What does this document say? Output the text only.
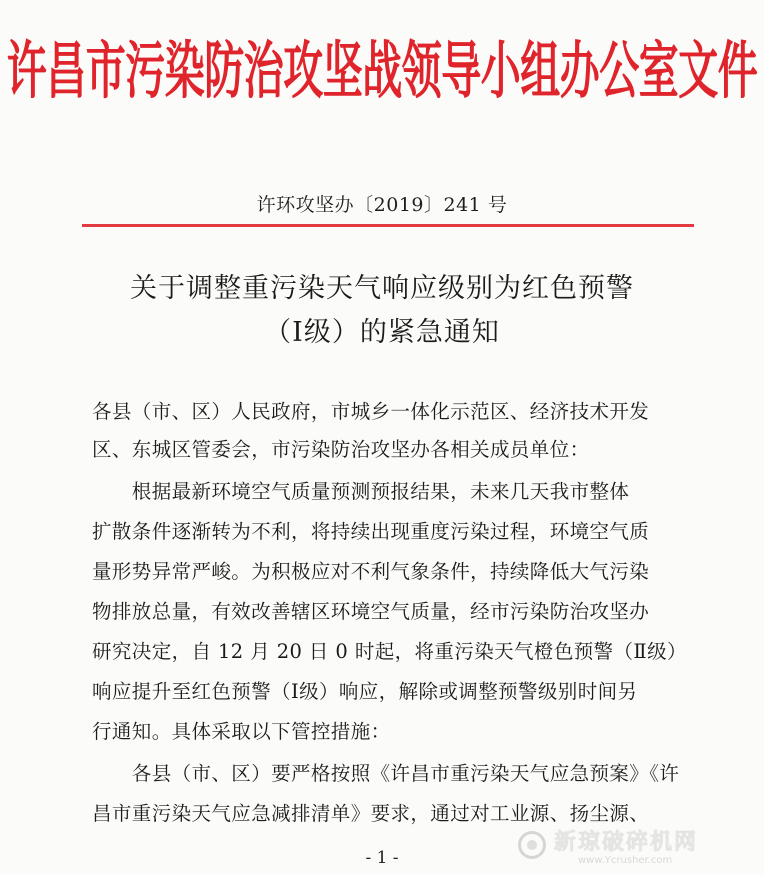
许昌市污染防治攻坚战领导小组办公室文件
许环攻坚办〔2019〕241 号
关于调整重污染天气响应级别为红色预警
（Ⅰ级）的紧急通知
各县（市、区）人民政府，市城乡一体化示范区、经济技术开发
区、东城区管委会，市污染防治攻坚办各相关成员单位：
　　根据最新环境空气质量预测预报结果，未来几天我市整体
扩散条件逐渐转为不利，将持续出现重度污染过程，环境空气质
量形势异常严峻。为积极应对不利气象条件，持续降低大气污染
物排放总量，有效改善辖区环境空气质量，经市污染防治攻坚办
研究决定，自 12 月 20 日 0 时起，将重污染天气橙色预警（Ⅱ级）
响应提升至红色预警（Ⅰ级）响应，解除或调整预警级别时间另
行通知。具体采取以下管控措施：
　　各县（市、区）要严格按照《许昌市重污染天气应急预案》《许
昌市重污染天气应急减排清单》要求，通过对工业源、扬尘源、
- 1 -
新琼破碎机网
www.Ycrusher.com
